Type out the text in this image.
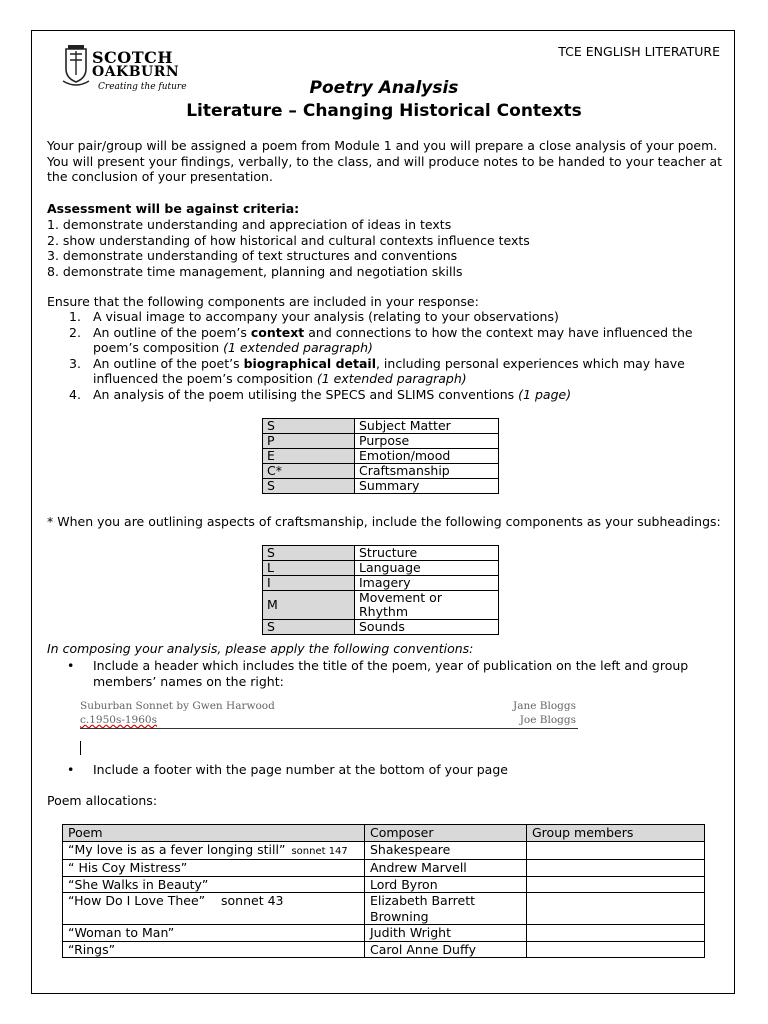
SCOTCH
OAKBURN
Creating the future
TCE ENGLISH LITERATURE
Poetry Analysis
Literature – Changing Historical Contexts

Your pair/group will be assigned a poem from Module 1 and you will prepare a close analysis of your poem. You will present your findings, verbally, to the class, and will produce notes to be handed to your teacher at the conclusion of your presentation.

Assessment will be against criteria:
1. demonstrate understanding and appreciation of ideas in texts
2. show understanding of how historical and cultural contexts influence texts
3. demonstrate understanding of text structures and conventions
8. demonstrate time management, planning and negotiation skills
Ensure that the following components are included in your response:
1. A visual image to accompany your analysis (relating to your observations)
2. An outline of the poem’s context and connections to how the context may have influenced the poem’s composition (1 extended paragraph)
3. An outline of the poet’s biographical detail, including personal experiences which may have influenced the poem’s composition (1 extended paragraph)
4. An analysis of the poem utilising the SPECS and SLIMS conventions (1 page)
S	Subject Matter
P	Purpose
E	Emotion/mood
C*	Craftsmanship
S	Summary

* When you are outlining aspects of craftsmanship, include the following components as your subheadings:

S	Structure
L	Language
I	Imagery
M	Movement or Rhythm
S	Sounds
In composing your analysis, please apply the following conventions:
• Include a header which includes the title of the poem, year of publication on the left and group members’ names on the right:
Suburban Sonnet by Gwen Harwood
c.1950s-1960s
Jane Bloggs
Joe Bloggs
• Include a footer with the page number at the bottom of your page
Poem allocations:
Poem	Composer	Group members
“My love is as a fever longing still” sonnet 147	Shakespeare	
“ His Coy Mistress”	Andrew Marvell	
“She Walks in Beauty”	Lord Byron	
“How Do I Love Thee”    sonnet 43	Elizabeth Barrett Browning	
“Woman to Man”	Judith Wright	
“Rings”	Carol Anne Duffy	
